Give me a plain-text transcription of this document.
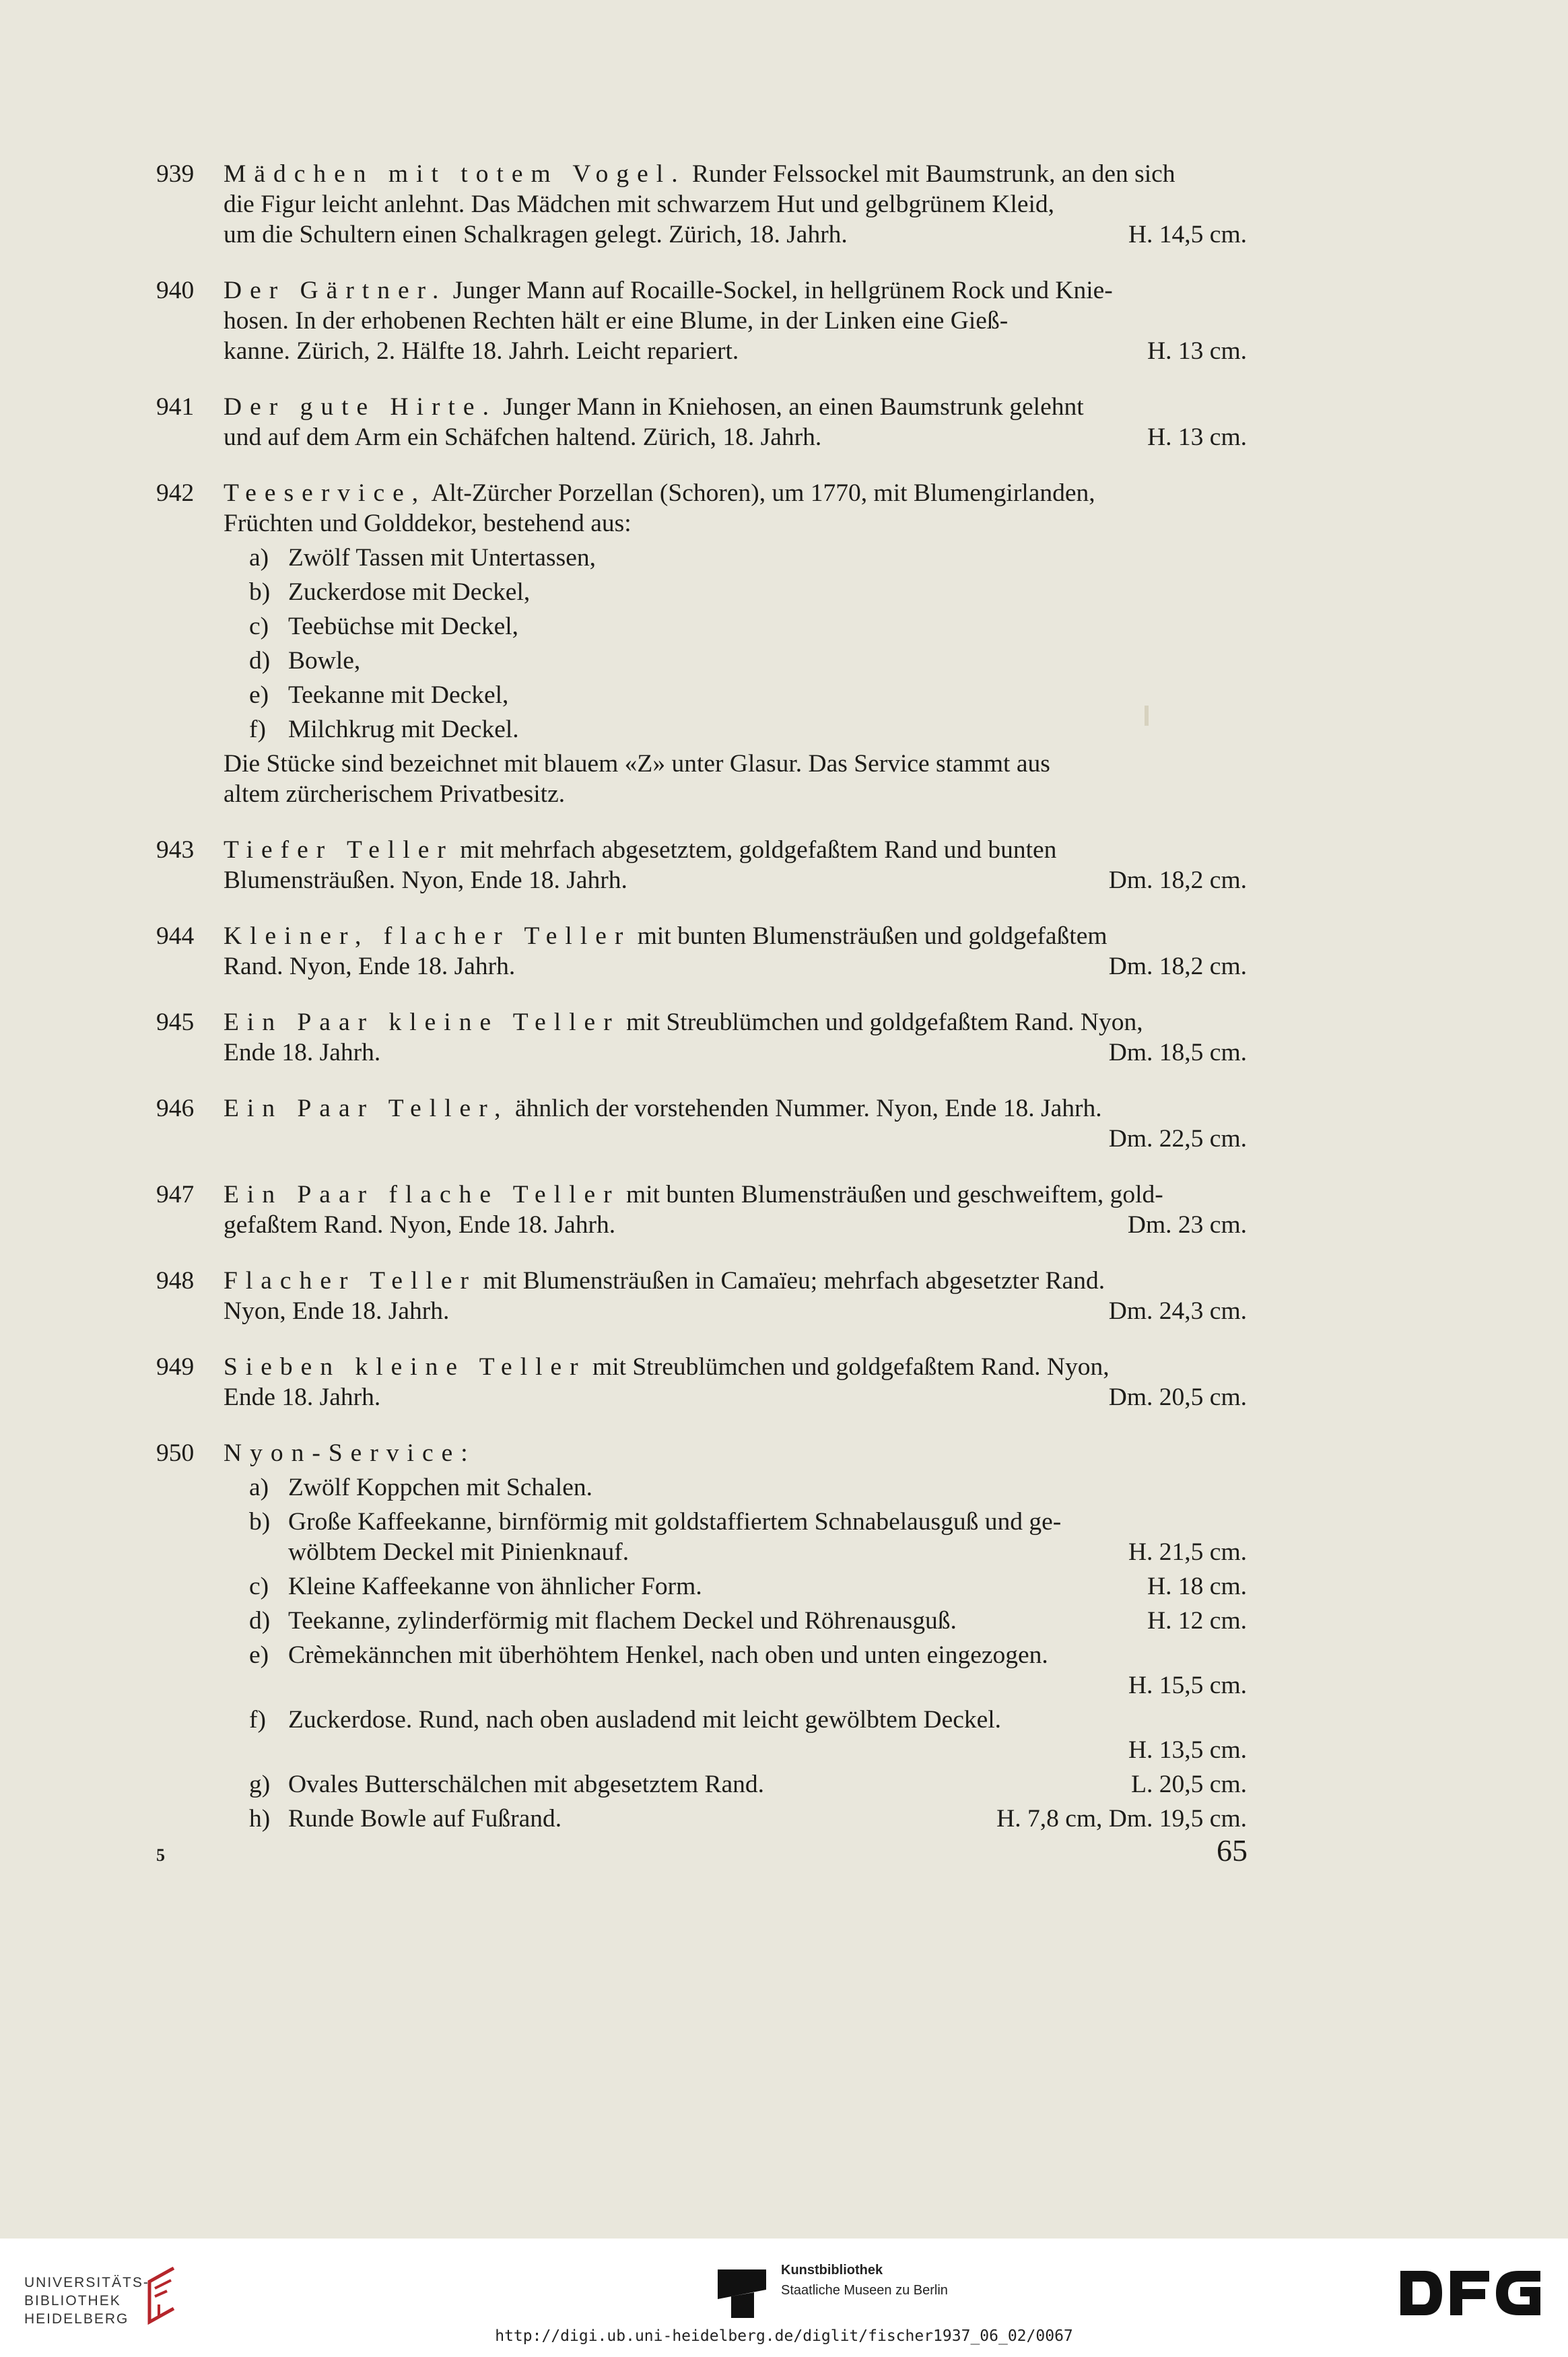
939	Mädchen mit totem Vogel. Runder Felssockel mit Baumstrunk, an den sich
die Figur leicht anlehnt. Das Mädchen mit schwarzem Hut und gelbgrünem Kleid,
um die Schultern einen Schalkragen gelegt. Zürich, 18. Jahrh.	H. 14,5 cm.
940	Der Gärtner. Junger Mann auf Rocaille-Sockel, in hellgrünem Rock und Knie-
hosen. In der erhobenen Rechten hält er eine Blume, in der Linken eine Gieß-
kanne. Zürich, 2. Hälfte 18. Jahrh. Leicht repariert.	H. 13 cm.
941	Der gute Hirte. Junger Mann in Kniehosen, an einen Baumstrunk gelehnt
und auf dem Arm ein Schäfchen haltend. Zürich, 18. Jahrh.	H. 13 cm.
942	Teeservice, Alt-Zürcher Porzellan (Schoren), um 1770, mit Blumengirlanden,
Früchten und Golddekor, bestehend aus:
a) Zwölf Tassen mit Untertassen,
b) Zuckerdose mit Deckel,
c) Teebüchse mit Deckel,
d) Bowle,
e) Teekanne mit Deckel,
f) Milchkrug mit Deckel.
Die Stücke sind bezeichnet mit blauem «Z» unter Glasur. Das Service stammt aus
altem zürcherischem Privatbesitz.
943	Tiefer Teller mit mehrfach abgesetztem, goldgefaßtem Rand und bunten
Blumensträußen. Nyon, Ende 18. Jahrh.	Dm. 18,2 cm.
944	Kleiner, flacher Teller mit bunten Blumensträußen und goldgefaßtem
Rand. Nyon, Ende 18. Jahrh.	Dm. 18,2 cm.
945	Ein Paar kleine Teller mit Streublümchen und goldgefaßtem Rand. Nyon,
Ende 18. Jahrh.	Dm. 18,5 cm.
946	Ein Paar Teller, ähnlich der vorstehenden Nummer. Nyon, Ende 18. Jahrh.
Dm. 22,5 cm.
947	Ein Paar flache Teller mit bunten Blumensträußen und geschweiftem, gold-
gefaßtem Rand. Nyon, Ende 18. Jahrh.	Dm. 23 cm.
948	Flacher Teller mit Blumensträußen in Camaïeu; mehrfach abgesetzter Rand.
Nyon, Ende 18. Jahrh.	Dm. 24,3 cm.
949	Sieben kleine Teller mit Streublümchen und goldgefaßtem Rand. Nyon,
Ende 18. Jahrh.	Dm. 20,5 cm.
950	Nyon-Service:
a) Zwölf Koppchen mit Schalen.
b) Große Kaffeekanne, birnförmig mit goldstaffiertem Schnabelausguß und ge-
wölbtem Deckel mit Pinienknauf.	H. 21,5 cm.
c) Kleine Kaffeekanne von ähnlicher Form.	H. 18 cm.
d) Teekanne, zylinderförmig mit flachem Deckel und Röhrenausguß.	H. 12 cm.
e) Crèmekännchen mit überhöhtem Henkel, nach oben und unten eingezogen.
H. 15,5 cm.
f) Zuckerdose. Rund, nach oben ausladend mit leicht gewölbtem Deckel.
H. 13,5 cm.
g) Ovales Butterschälchen mit abgesetztem Rand.	L. 20,5 cm.
h) Runde Bowle auf Fußrand.	H. 7,8 cm, Dm. 19,5 cm.
5	65
UNIVERSITÄTS-
BIBLIOTHEK
HEIDELBERG
Kunstbibliothek
Staatliche Museen zu Berlin
http://digi.ub.uni-heidelberg.de/diglit/fischer1937_06_02/0067
